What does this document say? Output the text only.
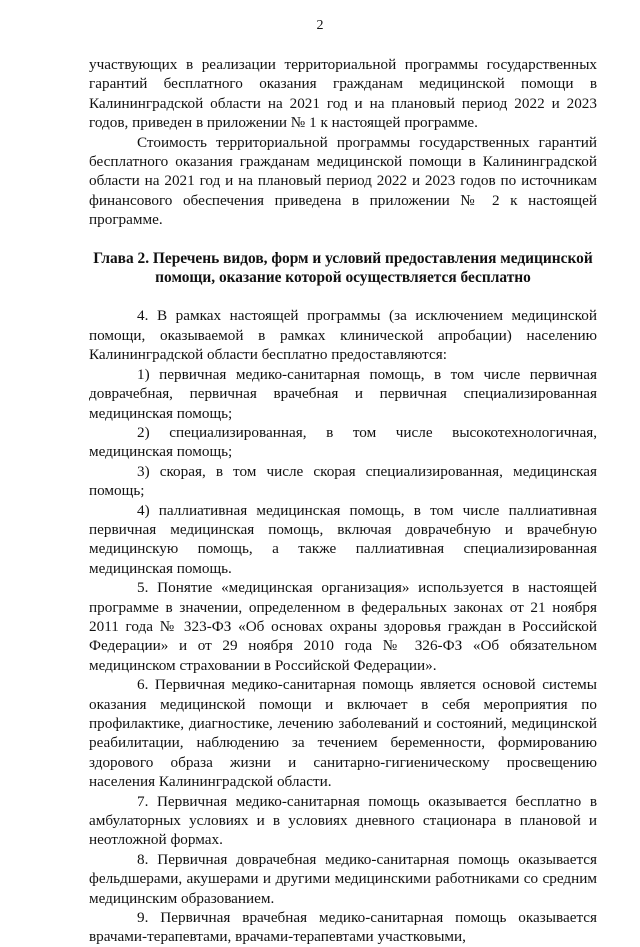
2

участвующих в реализации территориальной программы государственных гарантий бесплатного оказания гражданам медицинской помощи в Калининградской области на 2021 год и на плановый период 2022 и 2023 годов, приведен в приложении № 1 к настоящей программе.

Стоимость территориальной программы государственных гарантий бесплатного оказания гражданам медицинской помощи в Калининградской области на 2021 год и на плановый период 2022 и 2023 годов по источникам финансового обеспечения приведена в приложении № 2 к настоящей программе.

Глава 2. Перечень видов, форм и условий предоставления медицинской помощи, оказание которой осуществляется бесплатно

4. В рамках настоящей программы (за исключением медицинской помощи, оказываемой в рамках клинической апробации) населению Калининградской области бесплатно предоставляются:

1) первичная медико-санитарная помощь, в том числе первичная доврачебная, первичная врачебная и первичная специализированная медицинская помощь;

2) специализированная, в том числе высокотехнологичная, медицинская помощь;

3) скорая, в том числе скорая специализированная, медицинская помощь;

4) паллиативная медицинская помощь, в том числе паллиативная первичная медицинская помощь, включая доврачебную и врачебную медицинскую помощь, а также паллиативная специализированная медицинская помощь.

5. Понятие «медицинская организация» используется в настоящей программе в значении, определенном в федеральных законах от 21 ноября 2011 года № 323-ФЗ «Об основах охраны здоровья граждан в Российской Федерации» и от 29 ноября 2010 года № 326-ФЗ «Об обязательном медицинском страховании в Российской Федерации».

6. Первичная медико-санитарная помощь является основой системы оказания медицинской помощи и включает в себя мероприятия по профилактике, диагностике, лечению заболеваний и состояний, медицинской реабилитации, наблюдению за течением беременности, формированию здорового образа жизни и санитарно-гигиеническому просвещению населения Калининградской области.

7. Первичная медико-санитарная помощь оказывается бесплатно в амбулаторных условиях и в условиях дневного стационара в плановой и неотложной формах.

8. Первичная доврачебная медико-санитарная помощь оказывается фельдшерами, акушерами и другими медицинскими работниками со средним медицинским образованием.

9. Первичная врачебная медико-санитарная помощь оказывается врачами-терапевтами, врачами-терапевтами участковыми,
